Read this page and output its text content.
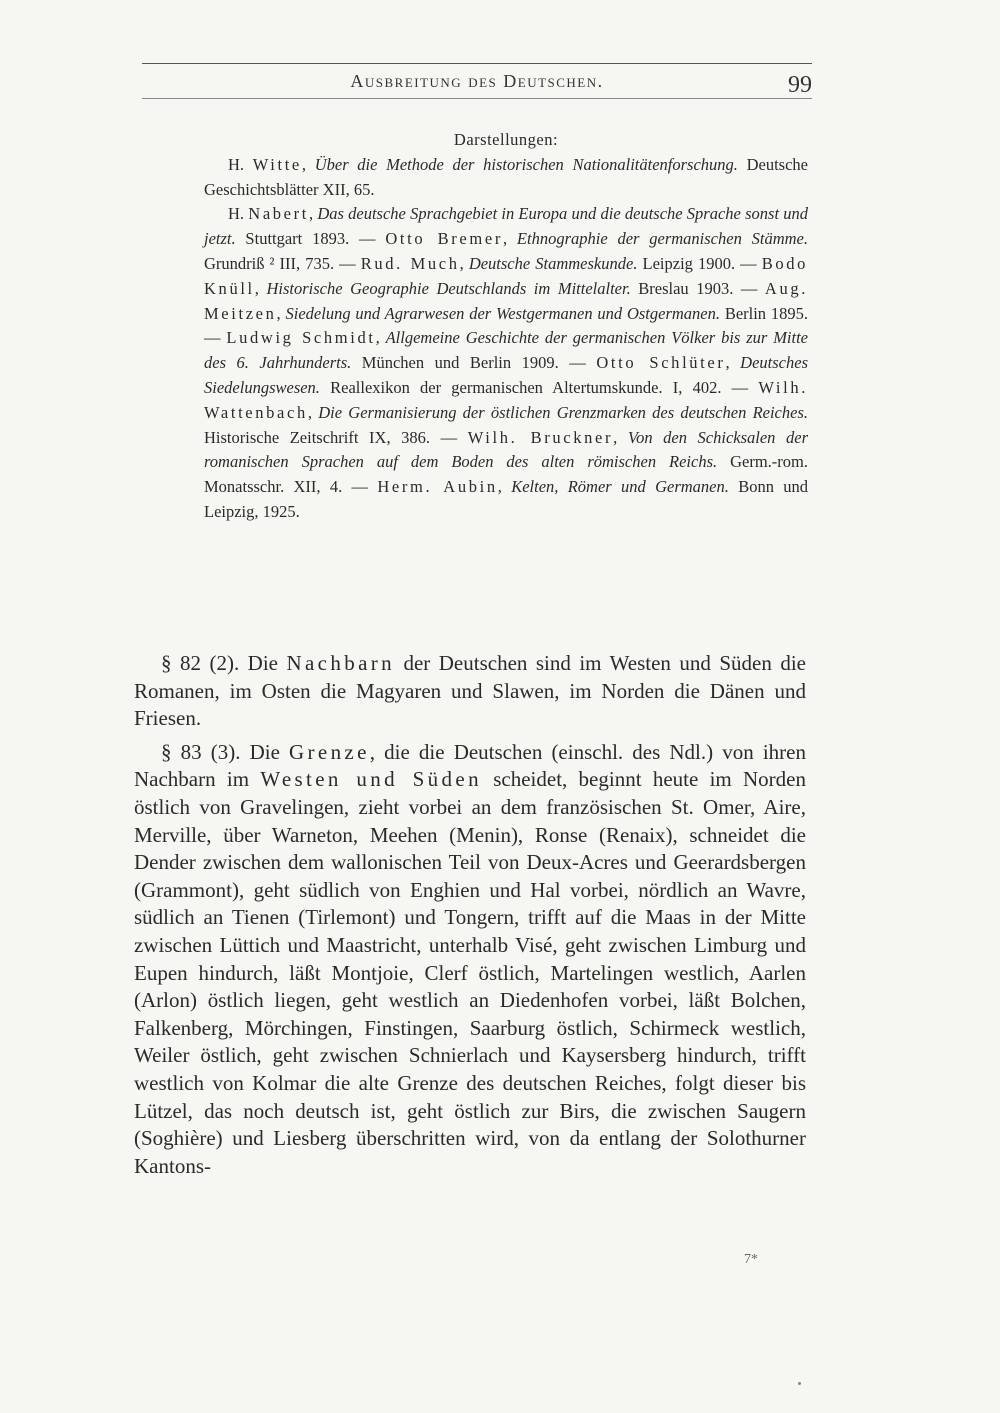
Ausbreitung des Deutschen.	99

Darstellungen:

H. Witte, Über die Methode der historischen Nationalitätenforschung. Deutsche Geschichtsblätter XII, 65.

H. Nabert, Das deutsche Sprachgebiet in Europa und die deutsche Sprache sonst und jetzt. Stuttgart 1893. — Otto Bremer, Ethnographie der germanischen Stämme. Grundriß ² III, 735. — Rud. Much, Deutsche Stammeskunde. Leipzig 1900. — Bodo Knüll, Historische Geographie Deutschlands im Mittelalter. Breslau 1903. — Aug. Meitzen, Siedelung und Agrarwesen der Westgermanen und Ostgermanen. Berlin 1895. — Ludwig Schmidt, Allgemeine Geschichte der germanischen Völker bis zur Mitte des 6. Jahrhunderts. München und Berlin 1909. — Otto Schlüter, Deutsches Siedelungswesen. Reallexikon der germanischen Altertumskunde. I, 402. — Wilh. Wattenbach, Die Germanisierung der östlichen Grenzmarken des deutschen Reiches. Historische Zeitschrift IX, 386. — Wilh. Bruckner, Von den Schicksalen der romanischen Sprachen auf dem Boden des alten römischen Reichs. Germ.-rom. Monatsschr. XII, 4. — Herm. Aubin, Kelten, Römer und Germanen. Bonn und Leipzig, 1925.

§ 82 (2). Die Nachbarn der Deutschen sind im Westen und Süden die Romanen, im Osten die Magyaren und Slawen, im Norden die Dänen und Friesen.

§ 83 (3). Die Grenze, die die Deutschen (einschl. des Ndl.) von ihren Nachbarn im Westen und Süden scheidet, beginnt heute im Norden östlich von Gravelingen, zieht vorbei an dem französischen St. Omer, Aire, Merville, über Warneton, Meehen (Menin), Ronse (Renaix), schneidet die Dender zwischen dem wallonischen Teil von Deux-Acres und Geerardsbergen (Grammont), geht südlich von Enghien und Hal vorbei, nördlich an Wavre, südlich an Tienen (Tirlemont) und Tongern, trifft auf die Maas in der Mitte zwischen Lüttich und Maastricht, unterhalb Visé, geht zwischen Limburg und Eupen hindurch, läßt Montjoie, Clerf östlich, Martelingen westlich, Aarlen (Arlon) östlich liegen, geht westlich an Diedenhofen vorbei, läßt Bolchen, Falkenberg, Mörchingen, Finstingen, Saarburg östlich, Schirmeck westlich, Weiler östlich, geht zwischen Schnierlach und Kaysersberg hindurch, trifft westlich von Kolmar die alte Grenze des deutschen Reiches, folgt dieser bis Lützel, das noch deutsch ist, geht östlich zur Birs, die zwischen Saugern (Soghière) und Liesberg überschritten wird, von da entlang der Solothurner Kantons-

7*
